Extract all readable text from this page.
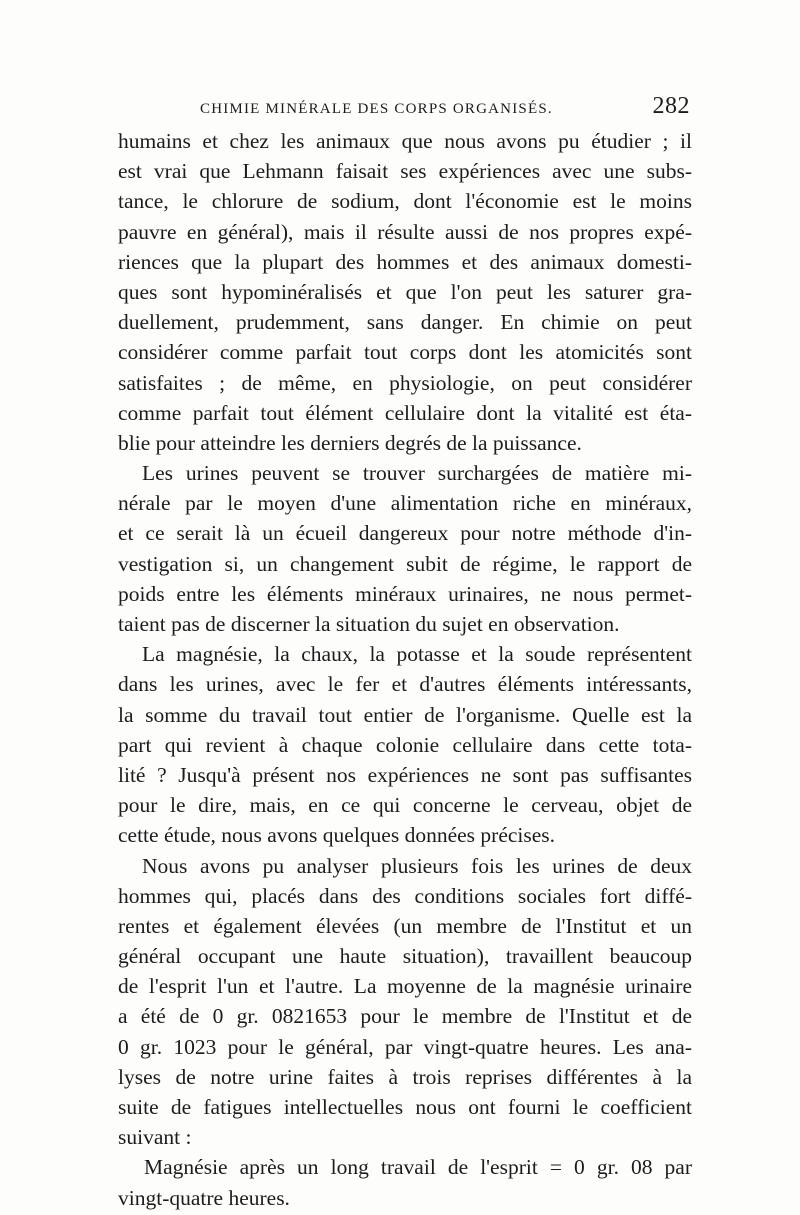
CHIMIE MINÉRALE DES CORPS ORGANISÉS.	282
humains et chez les animaux que nous avons pu étudier ; il
est vrai que Lehmann faisait ses expériences avec une subs-
tance, le chlorure de sodium, dont l'économie est le moins
pauvre en général), mais il résulte aussi de nos propres expé-
riences que la plupart des hommes et des animaux domesti-
ques sont hypominéralisés et que l'on peut les saturer gra-
duellement, prudemment, sans danger. En chimie on peut
considérer comme parfait tout corps dont les atomicités sont
satisfaites ; de même, en physiologie, on peut considérer
comme parfait tout élément cellulaire dont la vitalité est éta-
blie pour atteindre les derniers degrés de la puissance.
Les urines peuvent se trouver surchargées de matière mi-
nérale par le moyen d'une alimentation riche en minéraux,
et ce serait là un écueil dangereux pour notre méthode d'in-
vestigation si, un changement subit de régime, le rapport de
poids entre les éléments minéraux urinaires, ne nous permet-
taient pas de discerner la situation du sujet en observation.
La magnésie, la chaux, la potasse et la soude représentent
dans les urines, avec le fer et d'autres éléments intéressants,
la somme du travail tout entier de l'organisme. Quelle est la
part qui revient à chaque colonie cellulaire dans cette tota-
lité ? Jusqu'à présent nos expériences ne sont pas suffisantes
pour le dire, mais, en ce qui concerne le cerveau, objet de
cette étude, nous avons quelques données précises.
Nous avons pu analyser plusieurs fois les urines de deux
hommes qui, placés dans des conditions sociales fort diffé-
rentes et également élevées (un membre de l'Institut et un
général occupant une haute situation), travaillent beaucoup
de l'esprit l'un et l'autre. La moyenne de la magnésie urinaire
a été de 0 gr. 0821653 pour le membre de l'Institut et de
0 gr. 1023 pour le général, par vingt-quatre heures. Les ana-
lyses de notre urine faites à trois reprises différentes à la
suite de fatigues intellectuelles nous ont fourni le coefficient
suivant :
Magnésie après un long travail de l'esprit = 0 gr. 08 par
vingt-quatre heures.
